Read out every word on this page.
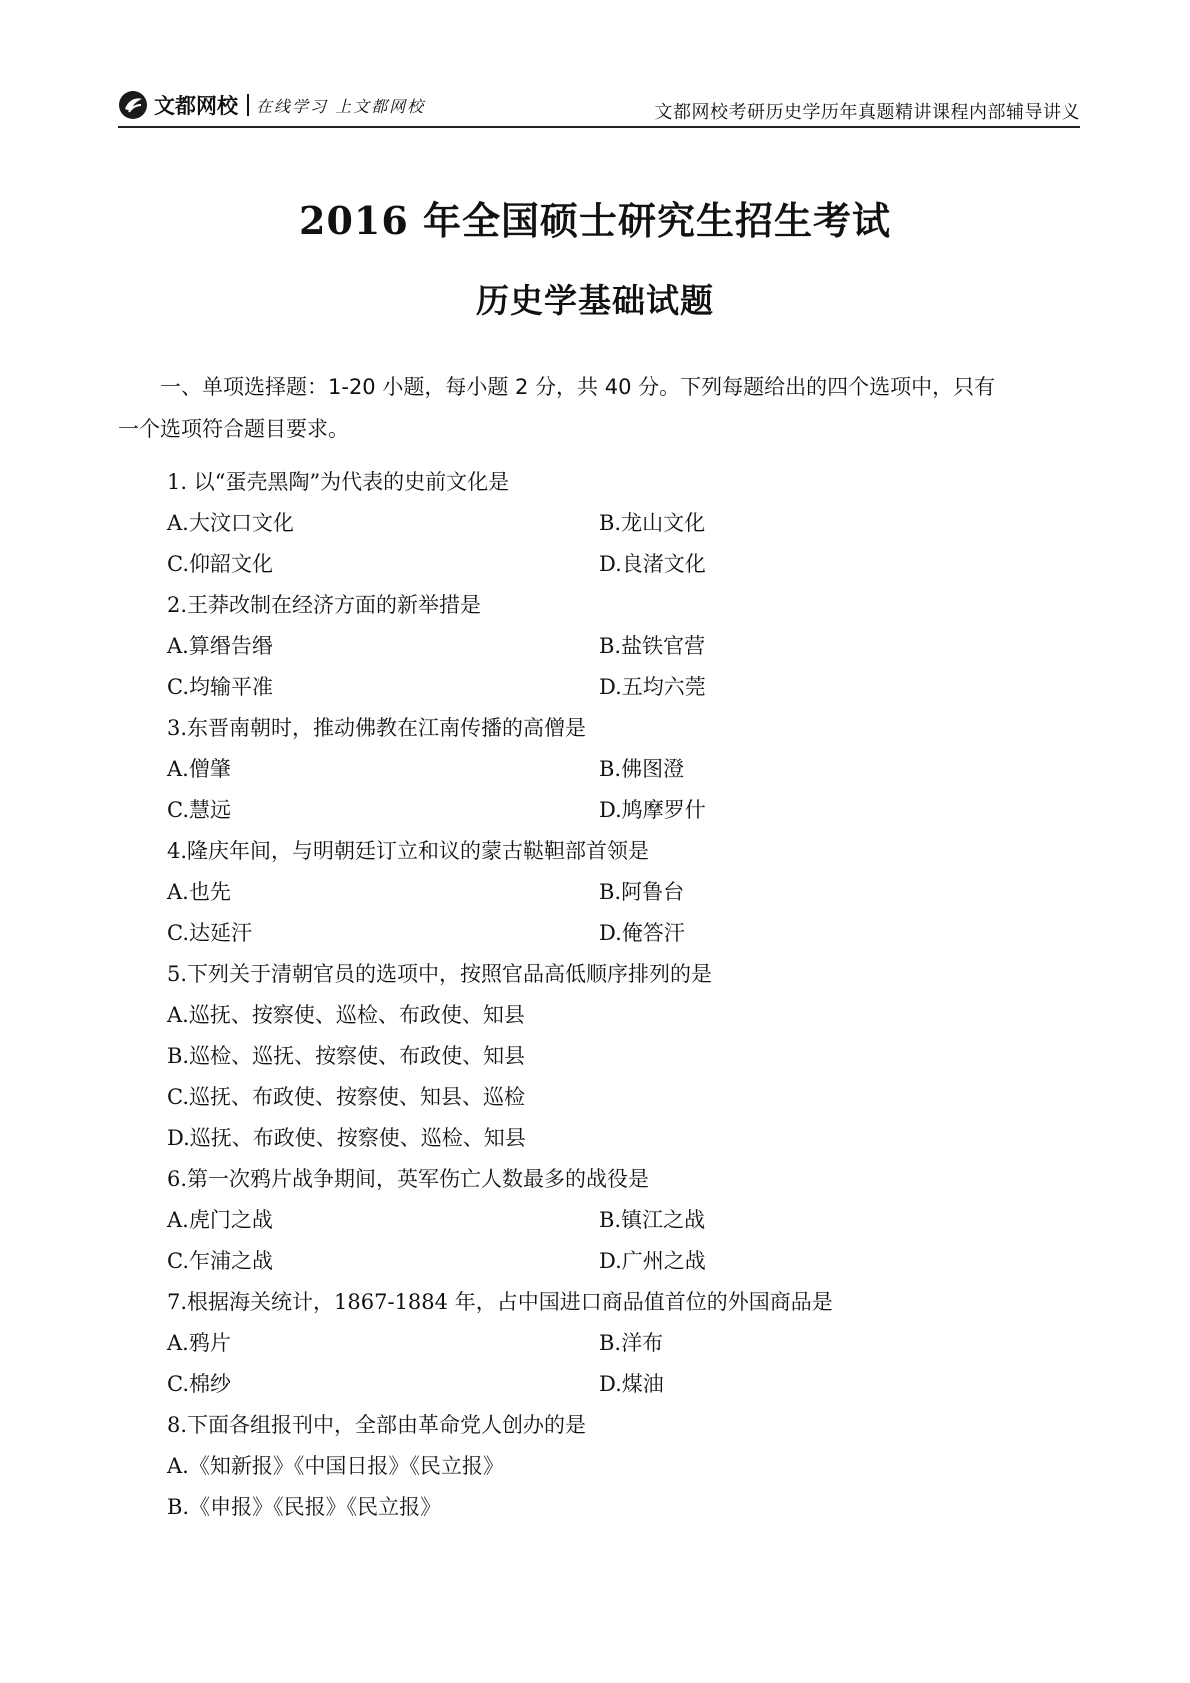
文都网校 在线学习 上文都网校	文都网校考研历史学历年真题精讲课程内部辅导讲义
2016 年全国硕士研究生招生考试
历史学基础试题
一、单项选择题：1-20 小题，每小题 2 分，共 40 分。下列每题给出的四个选项中，只有
一个选项符合题目要求。
1. 以“蛋壳黑陶”为代表的史前文化是
A.大汶口文化	B.龙山文化
C.仰韶文化	D.良渚文化
2.王莽改制在经济方面的新举措是
A.算缗告缗	B.盐铁官营
C.均输平准	D.五均六莞
3.东晋南朝时，推动佛教在江南传播的高僧是
A.僧肇	B.佛图澄
C.慧远	D.鸠摩罗什
4.隆庆年间，与明朝廷订立和议的蒙古鞑靼部首领是
A.也先	B.阿鲁台
C.达延汗	D.俺答汗
5.下列关于清朝官员的选项中，按照官品高低顺序排列的是
A.巡抚、按察使、巡检、布政使、知县
B.巡检、巡抚、按察使、布政使、知县
C.巡抚、布政使、按察使、知县、巡检
D.巡抚、布政使、按察使、巡检、知县
6.第一次鸦片战争期间，英军伤亡人数最多的战役是
A.虎门之战	B.镇江之战
C.乍浦之战	D.广州之战
7.根据海关统计，1867-1884 年，占中国进口商品值首位的外国商品是
A.鸦片	B.洋布
C.棉纱	D.煤油
8.下面各组报刊中，全部由革命党人创办的是
A.《知新报》《中国日报》《民立报》
B.《申报》《民报》《民立报》
